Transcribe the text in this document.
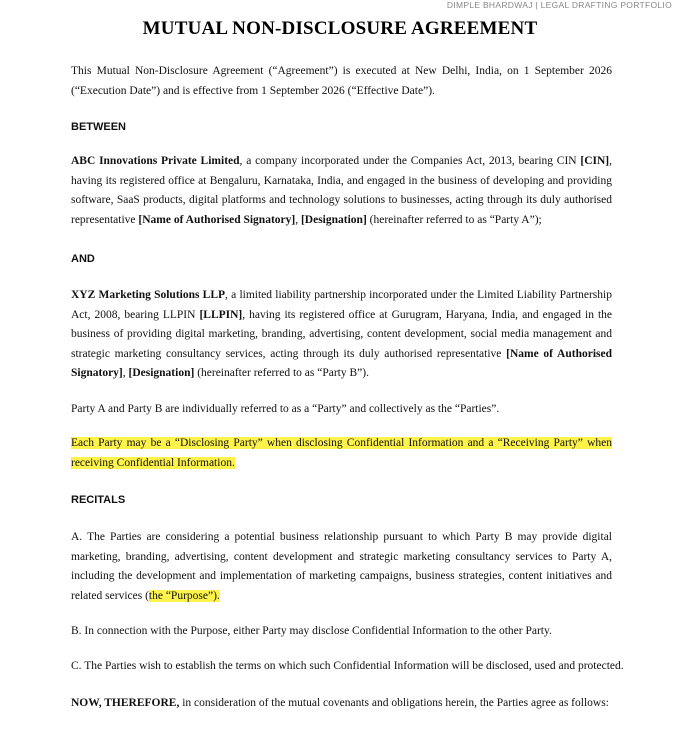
DIMPLE BHARDWAJ | LEGAL DRAFTING PORTFOLIO
MUTUAL NON-DISCLOSURE AGREEMENT
This Mutual Non-Disclosure Agreement (“Agreement”) is executed at New Delhi, India, on 1 September 2026 (“Execution Date”) and is effective from 1 September 2026 (“Effective Date”).
BETWEEN
ABC Innovations Private Limited, a company incorporated under the Companies Act, 2013, bearing CIN [CIN], having its registered office at Bengaluru, Karnataka, India, and engaged in the business of developing and providing software, SaaS products, digital platforms and technology solutions to businesses, acting through its duly authorised representative [Name of Authorised Signatory], [Designation] (hereinafter referred to as “Party A”);
AND
XYZ Marketing Solutions LLP, a limited liability partnership incorporated under the Limited Liability Partnership Act, 2008, bearing LLPIN [LLPIN], having its registered office at Gurugram, Haryana, India, and engaged in the business of providing digital marketing, branding, advertising, content development, social media management and strategic marketing consultancy services, acting through its duly authorised representative [Name of Authorised Signatory], [Designation] (hereinafter referred to as “Party B”).
Party A and Party B are individually referred to as a “Party” and collectively as the “Parties”.
Each Party may be a “Disclosing Party” when disclosing Confidential Information and a “Receiving Party” when receiving Confidential Information.
RECITALS
A. The Parties are considering a potential business relationship pursuant to which Party B may provide digital marketing, branding, advertising, content development and strategic marketing consultancy services to Party A, including the development and implementation of marketing campaigns, business strategies, content initiatives and related services (the “Purpose”).
B. In connection with the Purpose, either Party may disclose Confidential Information to the other Party.
C. The Parties wish to establish the terms on which such Confidential Information will be disclosed, used and protected.
NOW, THEREFORE, in consideration of the mutual covenants and obligations herein, the Parties agree as follows:
